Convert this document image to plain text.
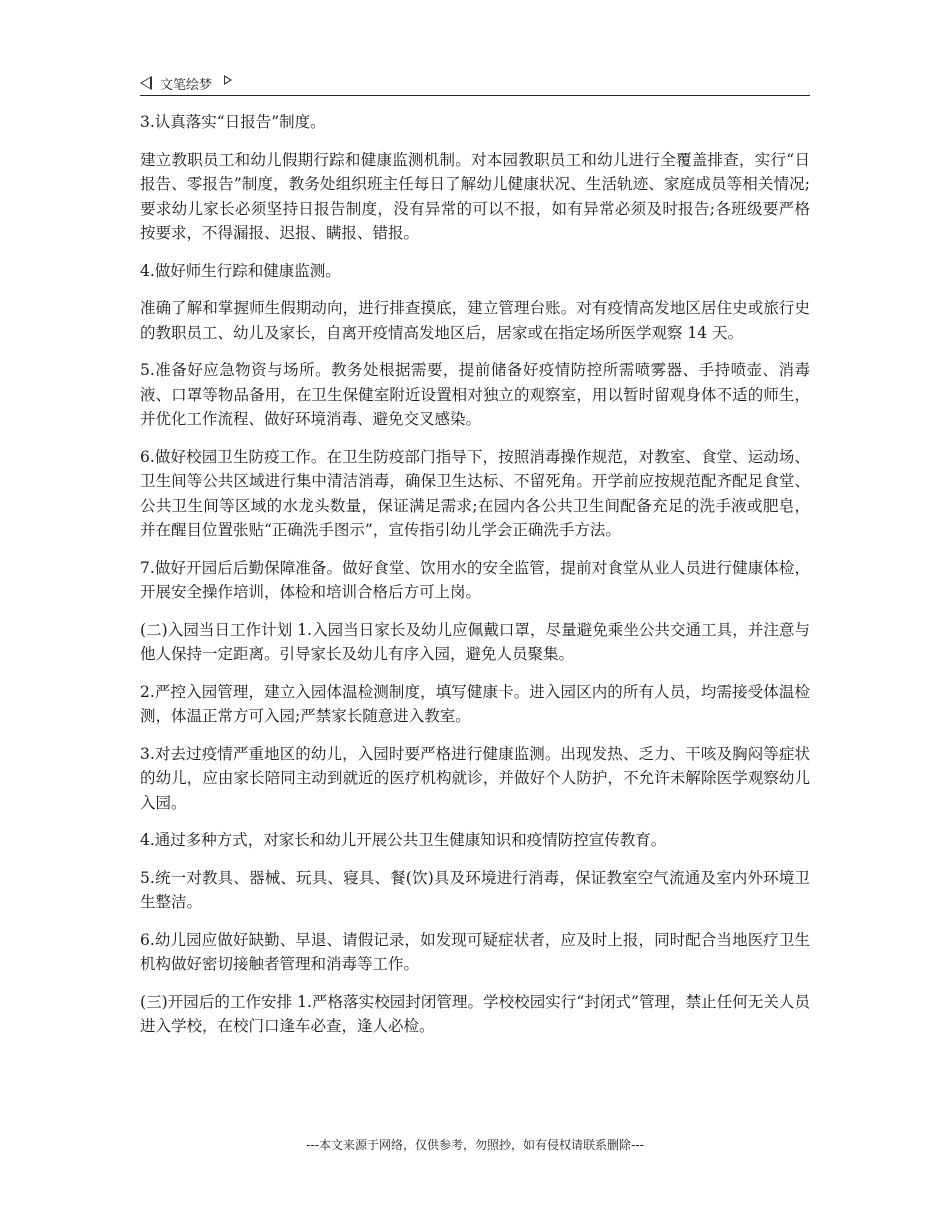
文笔绘梦

3.认真落实“日报告”制度。

建立教职员工和幼儿假期行踪和健康监测机制。对本园教职员工和幼儿进行全覆盖排查，实行“日报告、零报告”制度，教务处组织班主任每日了解幼儿健康状况、生活轨迹、家庭成员等相关情况;要求幼儿家长必须坚持日报告制度，没有异常的可以不报，如有异常必须及时报告;各班级要严格按要求，不得漏报、迟报、瞒报、错报。

4.做好师生行踪和健康监测。

准确了解和掌握师生假期动向，进行排查摸底，建立管理台账。对有疫情高发地区居住史或旅行史的教职员工、幼儿及家长，自离开疫情高发地区后，居家或在指定场所医学观察 14 天。

5.准备好应急物资与场所。教务处根据需要，提前储备好疫情防控所需喷雾器、手持喷壶、消毒液、口罩等物品备用，在卫生保健室附近设置相对独立的观察室，用以暂时留观身体不适的师生，并优化工作流程、做好环境消毒、避免交叉感染。

6.做好校园卫生防疫工作。在卫生防疫部门指导下，按照消毒操作规范，对教室、食堂、运动场、卫生间等公共区域进行集中清洁消毒，确保卫生达标、不留死角。开学前应按规范配齐配足食堂、公共卫生间等区域的水龙头数量，保证满足需求;在园内各公共卫生间配备充足的洗手液或肥皂，并在醒目位置张贴“正确洗手图示”，宣传指引幼儿学会正确洗手方法。

7.做好开园后后勤保障准备。做好食堂、饮用水的安全监管，提前对食堂从业人员进行健康体检，开展安全操作培训，体检和培训合格后方可上岗。

(二)入园当日工作计划 1.入园当日家长及幼儿应佩戴口罩，尽量避免乘坐公共交通工具，并注意与他人保持一定距离。引导家长及幼儿有序入园，避免人员聚集。

2.严控入园管理，建立入园体温检测制度，填写健康卡。进入园区内的所有人员，均需接受体温检测，体温正常方可入园;严禁家长随意进入教室。

3.对去过疫情严重地区的幼儿，入园时要严格进行健康监测。出现发热、乏力、干咳及胸闷等症状的幼儿，应由家长陪同主动到就近的医疗机构就诊，并做好个人防护，不允许未解除医学观察幼儿入园。

4.通过多种方式，对家长和幼儿开展公共卫生健康知识和疫情防控宣传教育。

5.统一对教具、器械、玩具、寝具、餐(饮)具及环境进行消毒，保证教室空气流通及室内外环境卫生整洁。

6.幼儿园应做好缺勤、早退、请假记录，如发现可疑症状者，应及时上报，同时配合当地医疗卫生机构做好密切接触者管理和消毒等工作。

(三)开园后的工作安排 1.严格落实校园封闭管理。学校校园实行“封闭式”管理，禁止任何无关人员进入学校，在校门口逢车必查，逢人必检。

---本文来源于网络，仅供参考，勿照抄，如有侵权请联系删除---
